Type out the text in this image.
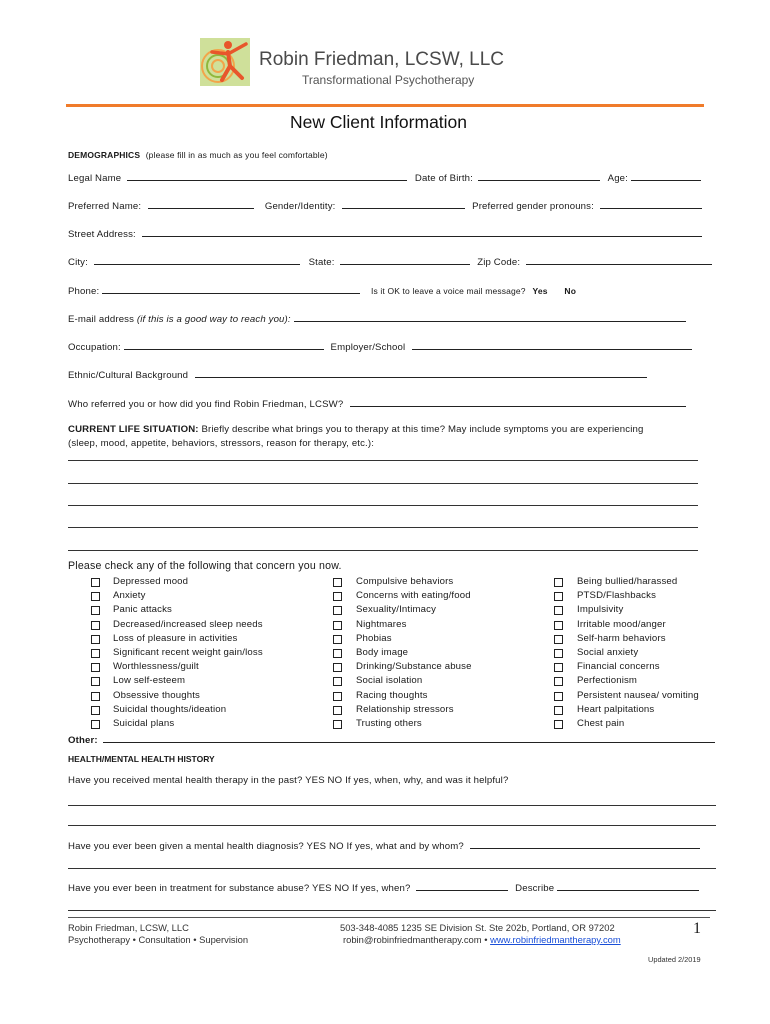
Robin Friedman, LCSW, LLC
Transformational Psychotherapy
New Client Information
DEMOGRAPHICS (please fill in as much as you feel comfortable)
Legal Name	Date of Birth:	Age:
Preferred Name:	Gender/Identity:	Preferred gender pronouns:
Street Address:
City:	State:	Zip Code:
Phone:	Is it OK to leave a voice mail message? Yes No
E-mail address (if this is a good way to reach you):
Occupation:	Employer/School
Ethnic/Cultural Background
Who referred you or how did you find Robin Friedman, LCSW?
CURRENT LIFE SITUATION: Briefly describe what brings you to therapy at this time? May include symptoms you are experiencing
(sleep, mood, appetite, behaviors, stressors, reason for therapy, etc.):
Please check any of the following that concern you now.
Depressed mood
Anxiety
Panic attacks
Decreased/increased sleep needs
Loss of pleasure in activities
Significant recent weight gain/loss
Worthlessness/guilt
Low self-esteem
Obsessive thoughts
Suicidal thoughts/ideation
Suicidal plans
Compulsive behaviors
Concerns with eating/food
Sexuality/Intimacy
Nightmares
Phobias
Body image
Drinking/Substance abuse
Social isolation
Racing thoughts
Relationship stressors
Trusting others
Being bullied/harassed
PTSD/Flashbacks
Impulsivity
Irritable mood/anger
Self-harm behaviors
Social anxiety
Financial concerns
Perfectionism
Persistent nausea/ vomiting
Heart palpitations
Chest pain
Other:
HEALTH/MENTAL HEALTH HISTORY
Have you received mental health therapy in the past? YES NO If yes, when, why, and was it helpful?
Have you ever been given a mental health diagnosis? YES NO If yes, what and by whom?
Have you ever been in treatment for substance abuse? YES NO If yes, when?	Describe
Robin Friedman, LCSW, LLC
Psychotherapy • Consultation • Supervision
503-348-4085 1235 SE Division St. Ste 202b, Portland, OR 97202
robin@robinfriedmantherapy.com • www.robinfriedmantherapy.com
1
Updated 2/2019
